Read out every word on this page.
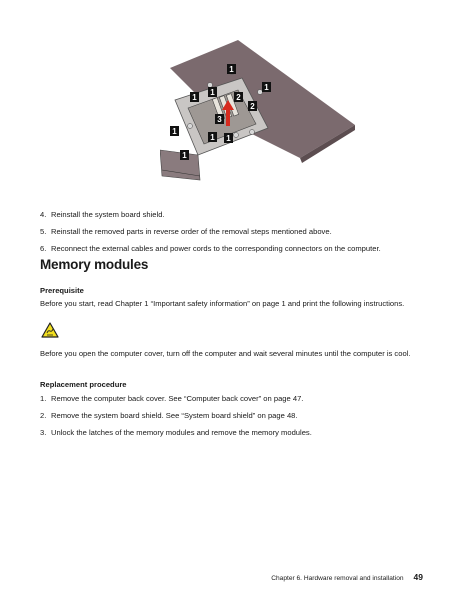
1
1
1	2
1
2
3
1 1
1
1
4. Reinstall the system board shield.
5. Reinstall the removed parts in reverse order of the removal steps mentioned above.
6. Reconnect the external cables and power cords to the corresponding connectors on the computer.
Memory modules

Prerequisite

Before you start, read Chapter 1 “Important safety information” on page 1 and print the following instructions.

Before you open the computer cover, turn off the computer and wait several minutes until the computer is cool.

Replacement procedure

1. Remove the computer back cover. See “Computer back cover” on page 47.
2. Remove the system board shield. See “System board shield” on page 48.
3. Unlock the latches of the memory modules and remove the memory modules.
Chapter 6. Hardware removal and installation 49
